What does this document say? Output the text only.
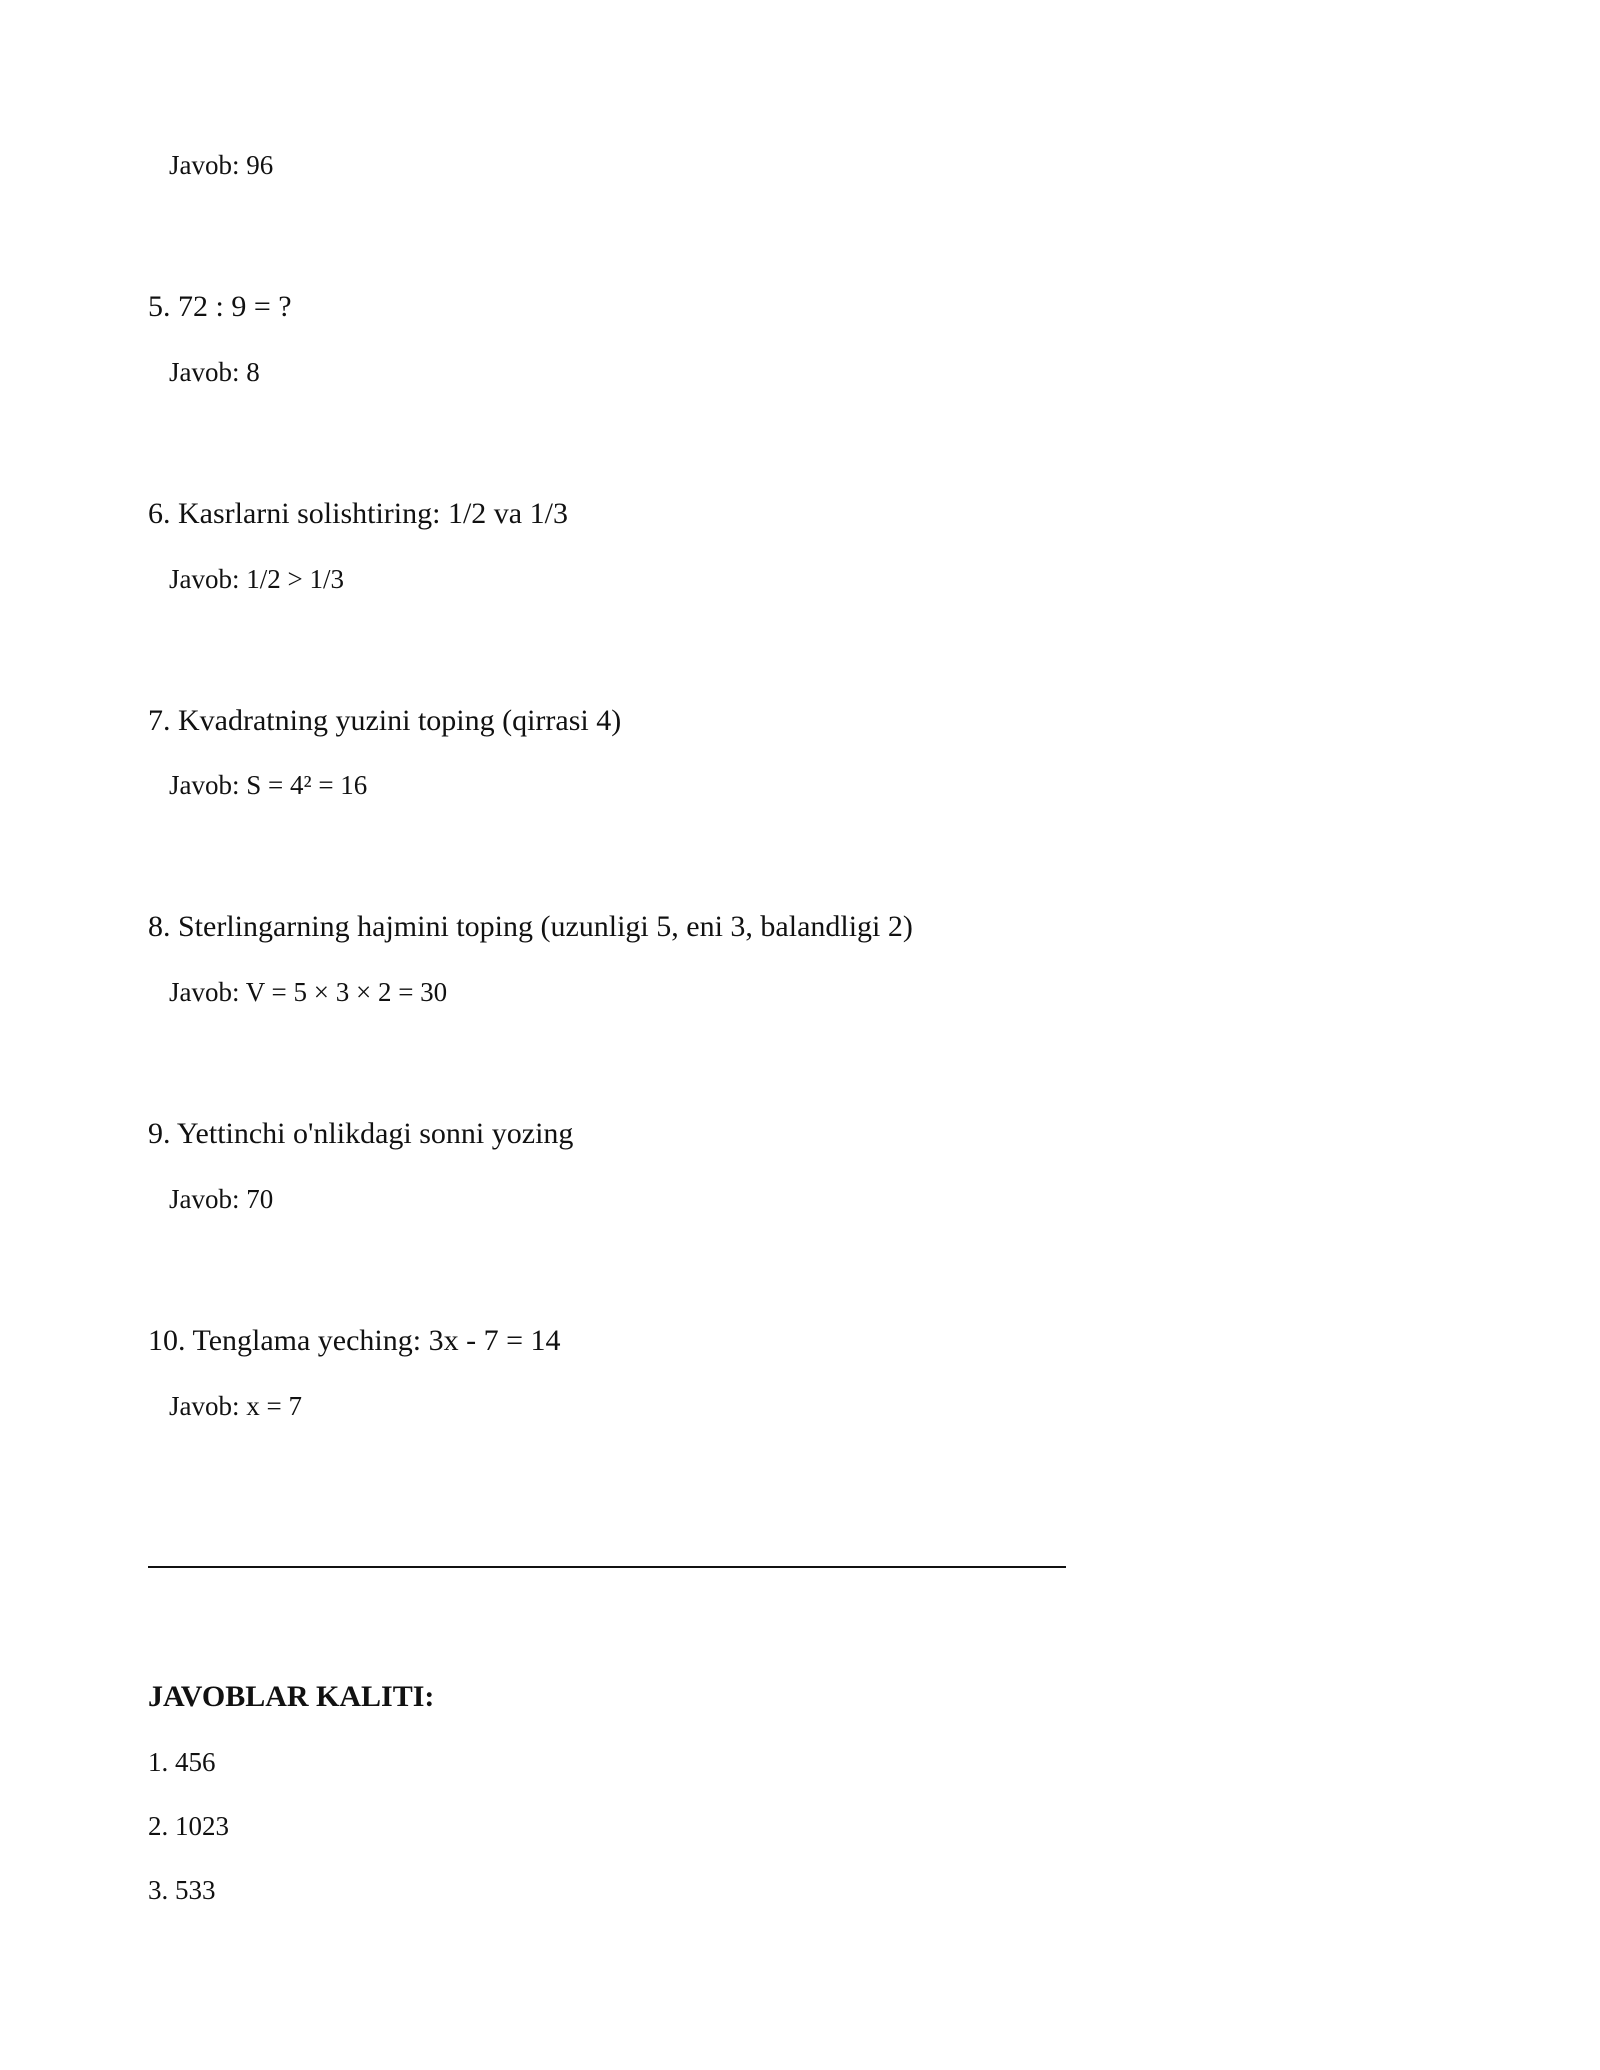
Javob: 96
5. 72 : 9 = ?
Javob: 8
6. Kasrlarni solishtiring: 1/2 va 1/3
Javob: 1/2 > 1/3
7. Kvadratning yuzini toping (qirrasi 4)
Javob: S = 4² = 16
8. Sterlingarning hajmini toping (uzunligi 5, eni 3, balandligi 2)
Javob: V = 5 × 3 × 2 = 30
9. Yettinchi o'nlikdagi sonni yozing
Javob: 70
10. Tenglama yeching: 3x - 7 = 14
Javob: x = 7
JAVOBLAR KALITI:
1. 456
2. 1023
3. 533
